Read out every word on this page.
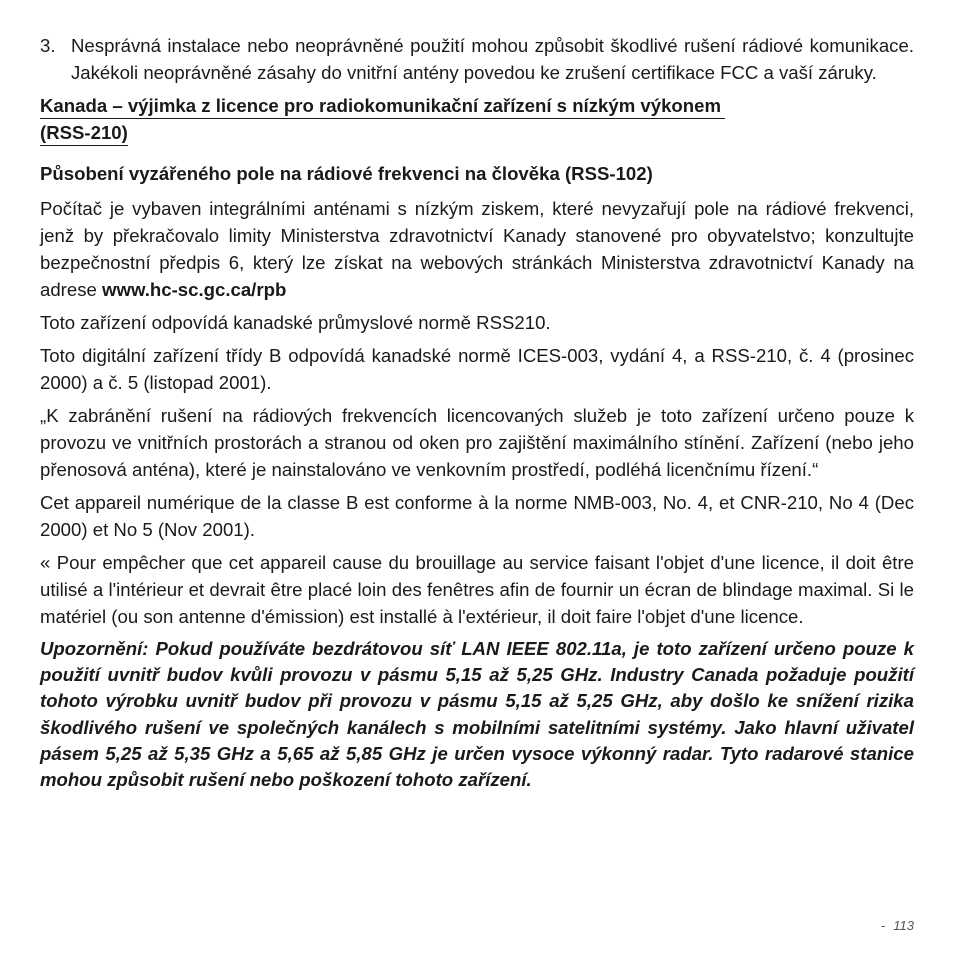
3. Nesprávná instalace nebo neoprávněné použití mohou způsobit škodlivé rušení rádiové komunikace. Jakékoli neoprávněné zásahy do vnitřní antény povedou ke zrušení certifikace FCC a vaší záruky.
Kanada – výjimka z licence pro radiokomunikační zařízení s nízkým výkonem
(RSS-210)
Působení vyzářeného pole na rádiové frekvenci na člověka (RSS-102)

Počítač je vybaven integrálními anténami s nízkým ziskem, které nevyzařují pole na rádiové frekvenci, jenž by překračovalo limity Ministerstva zdravotnictví Kanady stanovené pro obyvatelstvo; konzultujte bezpečnostní předpis 6, který lze získat na webových stránkách Ministerstva zdravotnictví Kanady na adrese www.hc-sc.gc.ca/rpb

Toto zařízení odpovídá kanadské průmyslové normě RSS210.

Toto digitální zařízení třídy B odpovídá kanadské normě ICES-003, vydání 4, a RSS-210, č. 4 (prosinec 2000) a č. 5 (listopad 2001).

„K zabránění rušení na rádiových frekvencích licencovaných služeb je toto zařízení určeno pouze k provozu ve vnitřních prostorách a stranou od oken pro zajištění maximálního stínění. Zařízení (nebo jeho přenosová anténa), které je nainstalováno ve venkovním prostředí, podléhá licenčnímu řízení.“

Cet appareil numérique de la classe B est conforme à la norme NMB-003, No. 4, et CNR-210, No 4 (Dec 2000) et No 5 (Nov 2001).

« Pour empêcher que cet appareil cause du brouillage au service faisant l'objet d'une licence, il doit être utilisé a l'intérieur et devrait être placé loin des fenêtres afin de fournir un écran de blindage maximal. Si le matériel (ou son antenne d'émission) est installé à l'extérieur, il doit faire l'objet d'une licence.

Upozornění: Pokud používáte bezdrátovou síť LAN IEEE 802.11a, je toto zařízení určeno pouze k použití uvnitř budov kvůli provozu v pásmu 5,15 až 5,25 GHz. Industry Canada požaduje použití tohoto výrobku uvnitř budov při provozu v pásmu 5,15 až 5,25 GHz, aby došlo ke snížení rizika škodlivého rušení ve společných kanálech s mobilními satelitními systémy. Jako hlavní uživatel pásem 5,25 až 5,35 GHz a 5,65 až 5,85 GHz je určen vysoce výkonný radar. Tyto radarové stanice mohou způsobit rušení nebo poškození tohoto zařízení.

- 113
